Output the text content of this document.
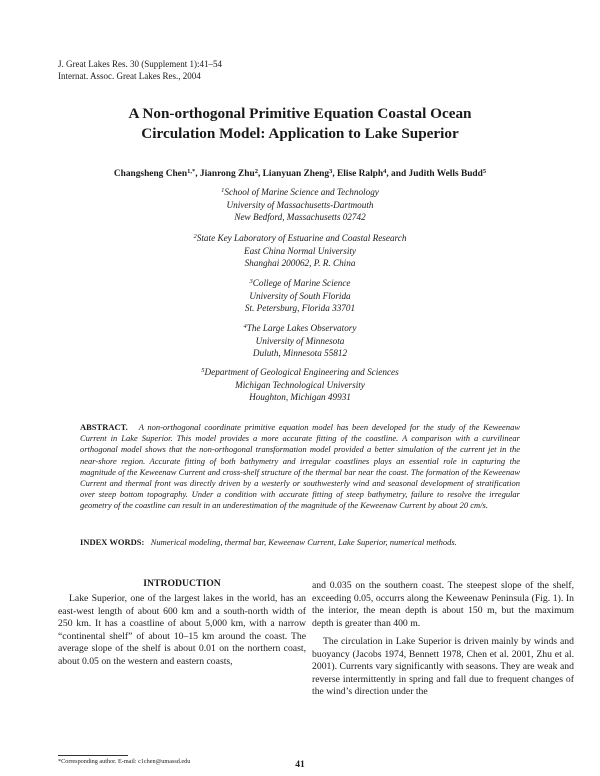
J. Great Lakes Res. 30 (Supplement 1):41–54
Internat. Assoc. Great Lakes Res., 2004
A Non-orthogonal Primitive Equation Coastal Ocean
Circulation Model: Application to Lake Superior
Changsheng Chen$^{1,*}$, Jianrong Zhu$^2$, Lianyuan Zheng$^3$, Elise Ralph$^4$, and Judith Wells Budd$^5$
$^1$School of Marine Science and Technology
University of Massachusetts-Dartmouth
New Bedford, Massachusetts 02742
$^2$State Key Laboratory of Estuarine and Coastal Research
East China Normal University
Shanghai 200062, P. R. China
$^3$College of Marine Science
University of South Florida
St. Petersburg, Florida 33701
$^4$The Large Lakes Observatory
University of Minnesota
Duluth, Minnesota 55812
$^5$Department of Geological Engineering and Sciences
Michigan Technological University
Houghton, Michigan 49931
ABSTRACT. A non-orthogonal coordinate primitive equation model has been developed for the study of the Keweenaw Current in Lake Superior. This model provides a more accurate fitting of the coastline. A comparison with a curvilinear orthogonal model shows that the non-orthogonal transformation model provided a better simulation of the current jet in the near-shore region. Accurate fitting of both bathymetry and irregular coastlines plays an essential role in capturing the magnitude of the Keweenaw Current and cross-shelf structure of the thermal bar near the coast. The formation of the Keweenaw Current and thermal front was directly driven by a westerly or southwesterly wind and seasonal development of stratification over steep bottom topography. Under a condition with accurate fitting of steep bathymetry, failure to resolve the irregular geometry of the coastline can result in an underestimation of the magnitude of the Keweenaw Current by about 20 cm/s.
INDEX WORDS: Numerical modeling, thermal bar, Keweenaw Current, Lake Superior, numerical methods.
INTRODUCTION

Lake Superior, one of the largest lakes in the world, has an east-west length of about 600 km and a south-north width of 250 km. It has a coastline of about 5,000 km, with a narrow “continental shelf” of about 10–15 km around the coast. The average slope of the shelf is about 0.01 on the northern coast, about 0.05 on the western and eastern coasts,

and 0.035 on the southern coast. The steepest slope of the shelf, exceeding 0.05, occurrs along the Keweenaw Peninsula (Fig. 1). In the interior, the mean depth is about 150 m, but the maximum depth is greater than 400 m.

The circulation in Lake Superior is driven mainly by winds and buoyancy (Jacobs 1974, Bennett 1978, Chen et al. 2001, Zhu et al. 2001). Currents vary significantly with seasons. They are weak and reverse intermittently in spring and fall due to frequent changes of the wind’s direction under the

*Corresponding author. E-mail: c1chen@umassd.edu	41
